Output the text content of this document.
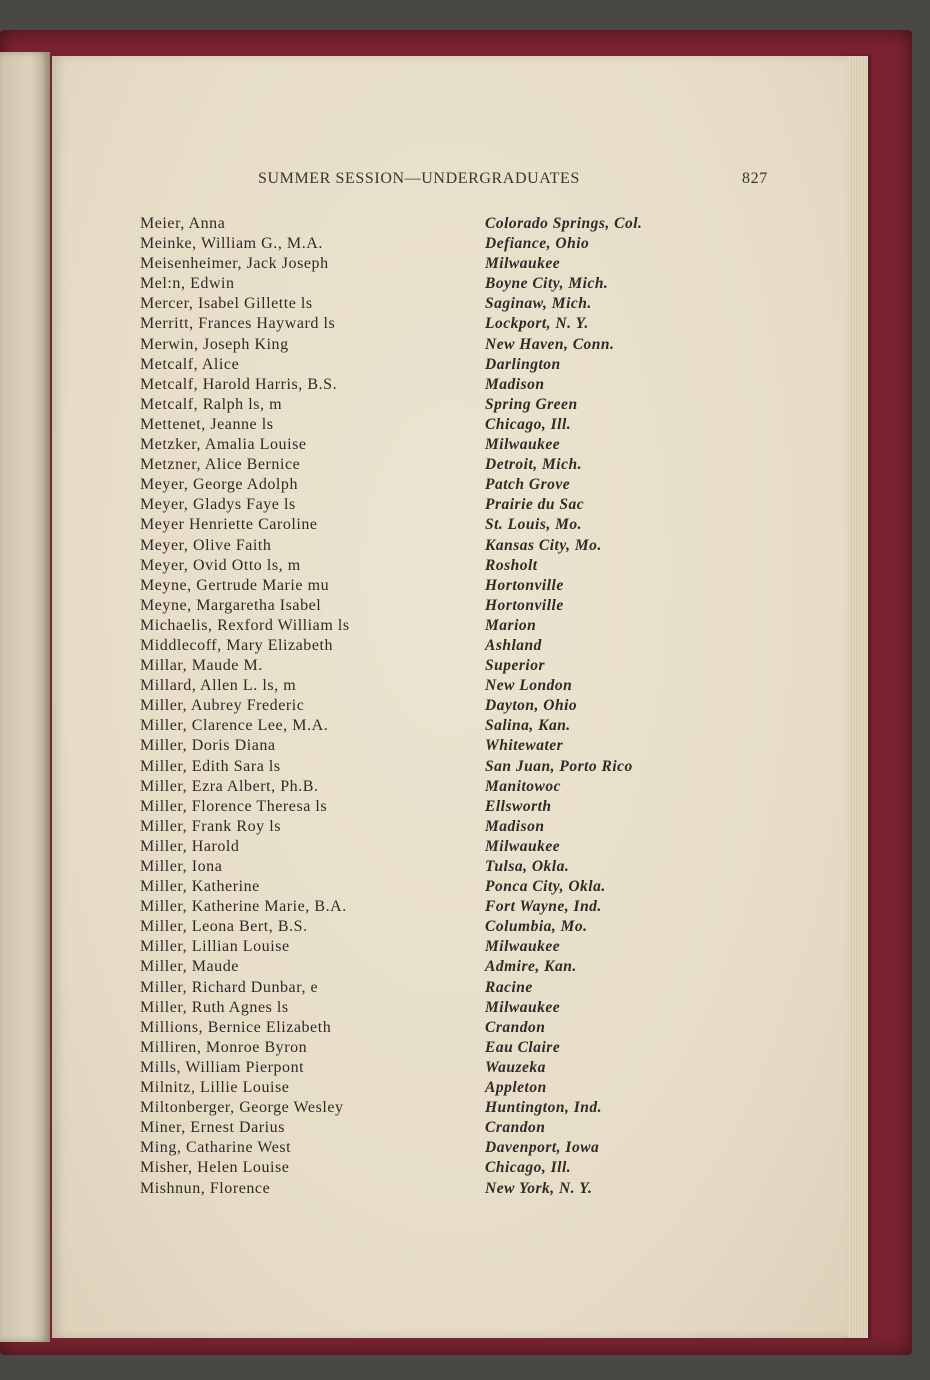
SUMMER SESSION—UNDERGRADUATES	827
Meier, Anna	Colorado Springs, Col.
Meinke, William G., M.A.	Defiance, Ohio
Meisenheimer, Jack Joseph	Milwaukee
Mel:n, Edwin	Boyne City, Mich.
Mercer, Isabel Gillette ls	Saginaw, Mich.
Merritt, Frances Hayward ls	Lockport, N. Y.
Merwin, Joseph King	New Haven, Conn.
Metcalf, Alice	Darlington
Metcalf, Harold Harris, B.S.	Madison
Metcalf, Ralph ls, m	Spring Green
Mettenet, Jeanne ls	Chicago, Ill.
Metzker, Amalia Louise	Milwaukee
Metzner, Alice Bernice	Detroit, Mich.
Meyer, George Adolph	Patch Grove
Meyer, Gladys Faye ls	Prairie du Sac
Meyer Henriette Caroline	St. Louis, Mo.
Meyer, Olive Faith	Kansas City, Mo.
Meyer, Ovid Otto ls, m	Rosholt
Meyne, Gertrude Marie mu	Hortonville
Meyne, Margaretha Isabel	Hortonville
Michaelis, Rexford William ls	Marion
Middlecoff, Mary Elizabeth	Ashland
Millar, Maude M.	Superior
Millard, Allen L. ls, m	New London
Miller, Aubrey Frederic	Dayton, Ohio
Miller, Clarence Lee, M.A.	Salina, Kan.
Miller, Doris Diana	Whitewater
Miller, Edith Sara ls	San Juan, Porto Rico
Miller, Ezra Albert, Ph.B.	Manitowoc
Miller, Florence Theresa ls	Ellsworth
Miller, Frank Roy ls	Madison
Miller, Harold	Milwaukee
Miller, Iona	Tulsa, Okla.
Miller, Katherine	Ponca City, Okla.
Miller, Katherine Marie, B.A.	Fort Wayne, Ind.
Miller, Leona Bert, B.S.	Columbia, Mo.
Miller, Lillian Louise	Milwaukee
Miller, Maude	Admire, Kan.
Miller, Richard Dunbar, e	Racine
Miller, Ruth Agnes ls	Milwaukee
Millions, Bernice Elizabeth	Crandon
Milliren, Monroe Byron	Eau Claire
Mills, William Pierpont	Wauzeka
Milnitz, Lillie Louise	Appleton
Miltonberger, George Wesley	Huntington, Ind.
Miner, Ernest Darius	Crandon
Ming, Catharine West	Davenport, Iowa
Misher, Helen Louise	Chicago, Ill.
Mishnun, Florence	New York, N. Y.
